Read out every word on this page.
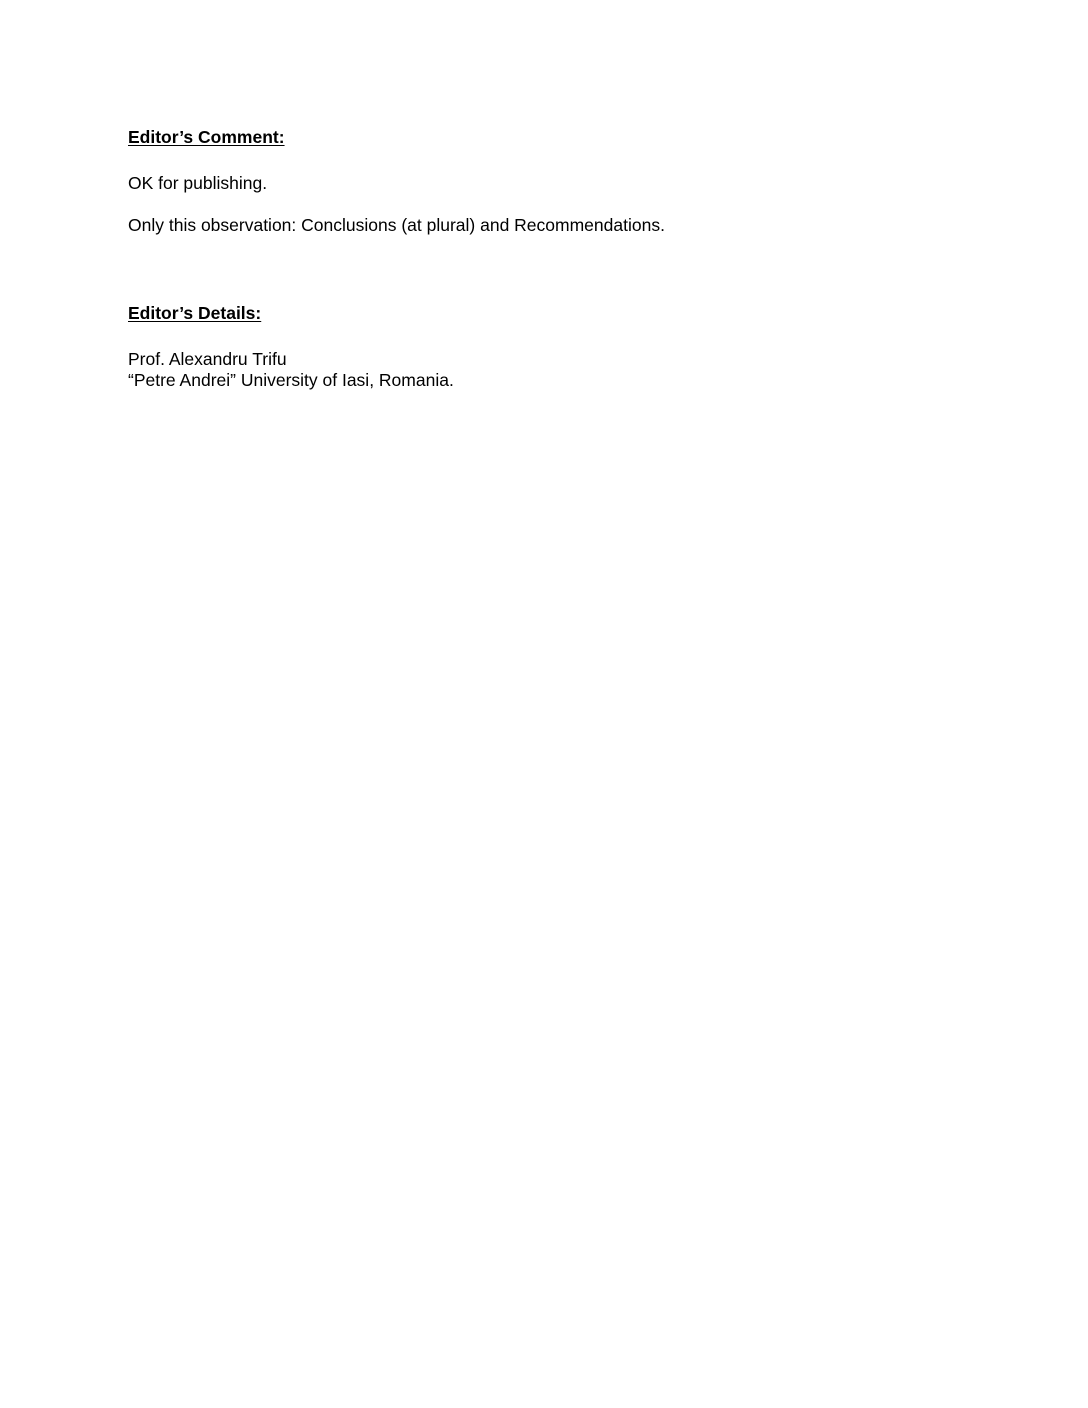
Editor’s Comment:
OK for publishing.
Only this observation: Conclusions (at plural) and Recommendations.
Editor’s Details:
Prof. Alexandru Trifu
“Petre Andrei” University of Iasi, Romania.
